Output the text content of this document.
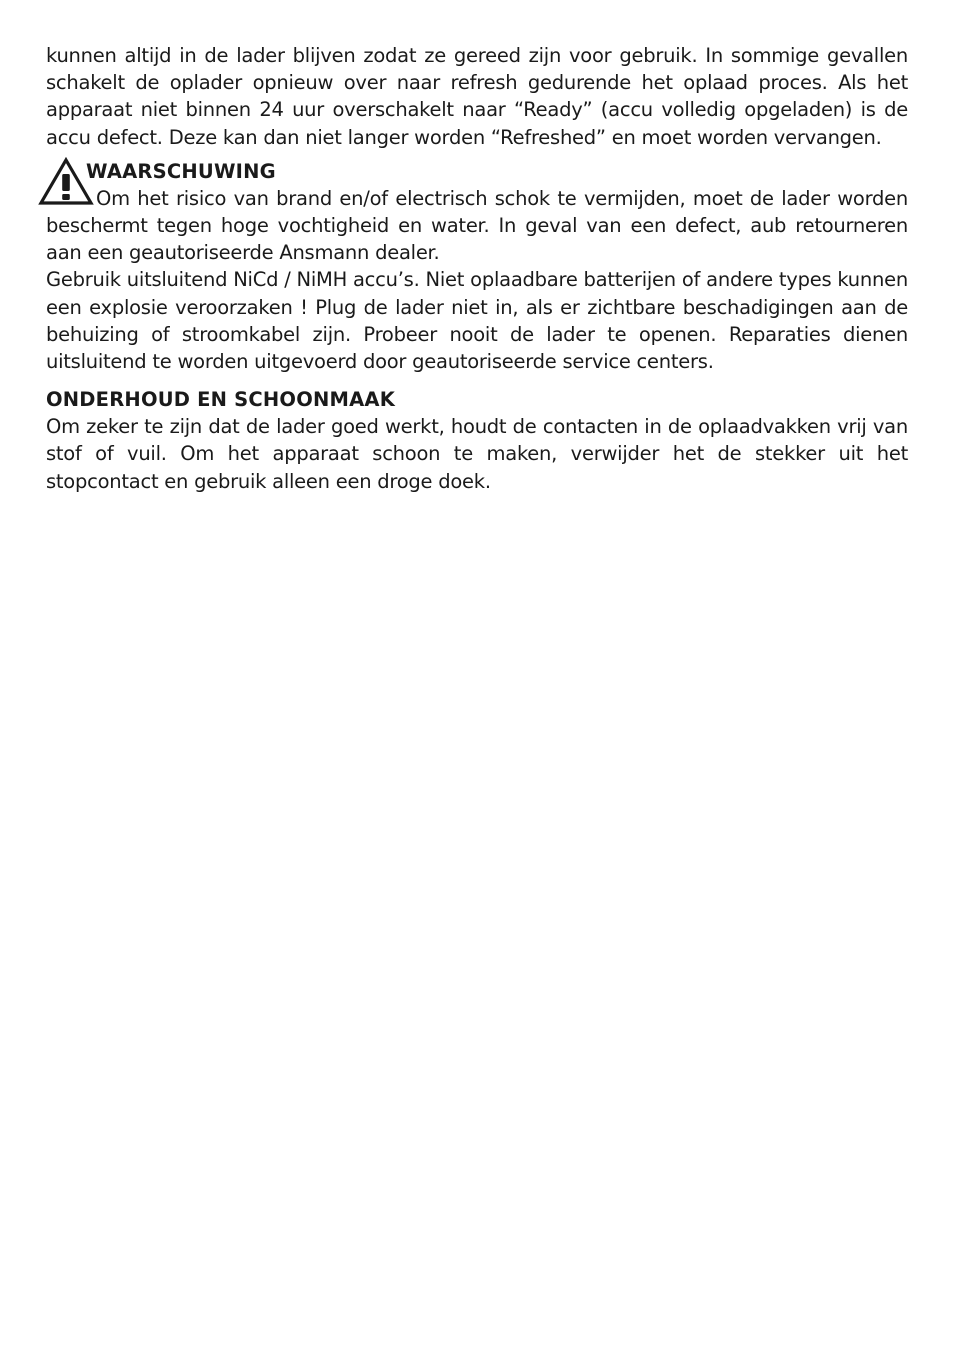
kunnen altijd in de lader blijven zodat ze gereed zijn voor gebruik. In sommige gevallen schakelt de oplader opnieuw over naar refresh gedurende het oplaad proces. Als het apparaat niet binnen 24 uur overschakelt naar “Ready” (accu volledig opgeladen) is de accu defect. Deze kan dan niet langer worden “Refreshed” en moet worden vervangen.

WAARSCHUWING

Om het risico van brand en/of electrisch schok te vermijden, moet de lader worden beschermt tegen hoge vochtigheid en water. In geval van een defect, aub retourneren aan een geautoriseerde Ansmann dealer.

Gebruik uitsluitend NiCd / NiMH accu’s. Niet oplaadbare batterijen of andere types kunnen een explosie veroorzaken ! Plug de lader niet in, als er zichtbare beschadigingen aan de behuizing of stroomkabel zijn. Probeer nooit de lader te openen. Reparaties dienen uitsluitend te worden uitgevoerd door geautoriseerde service centers.

ONDERHOUD EN SCHOONMAAK

Om zeker te zijn dat de lader goed werkt, houdt de contacten in de oplaadvakken vrij van stof of vuil. Om het apparaat schoon te maken, verwijder het de stekker uit het stopcontact en gebruik alleen een droge doek.
